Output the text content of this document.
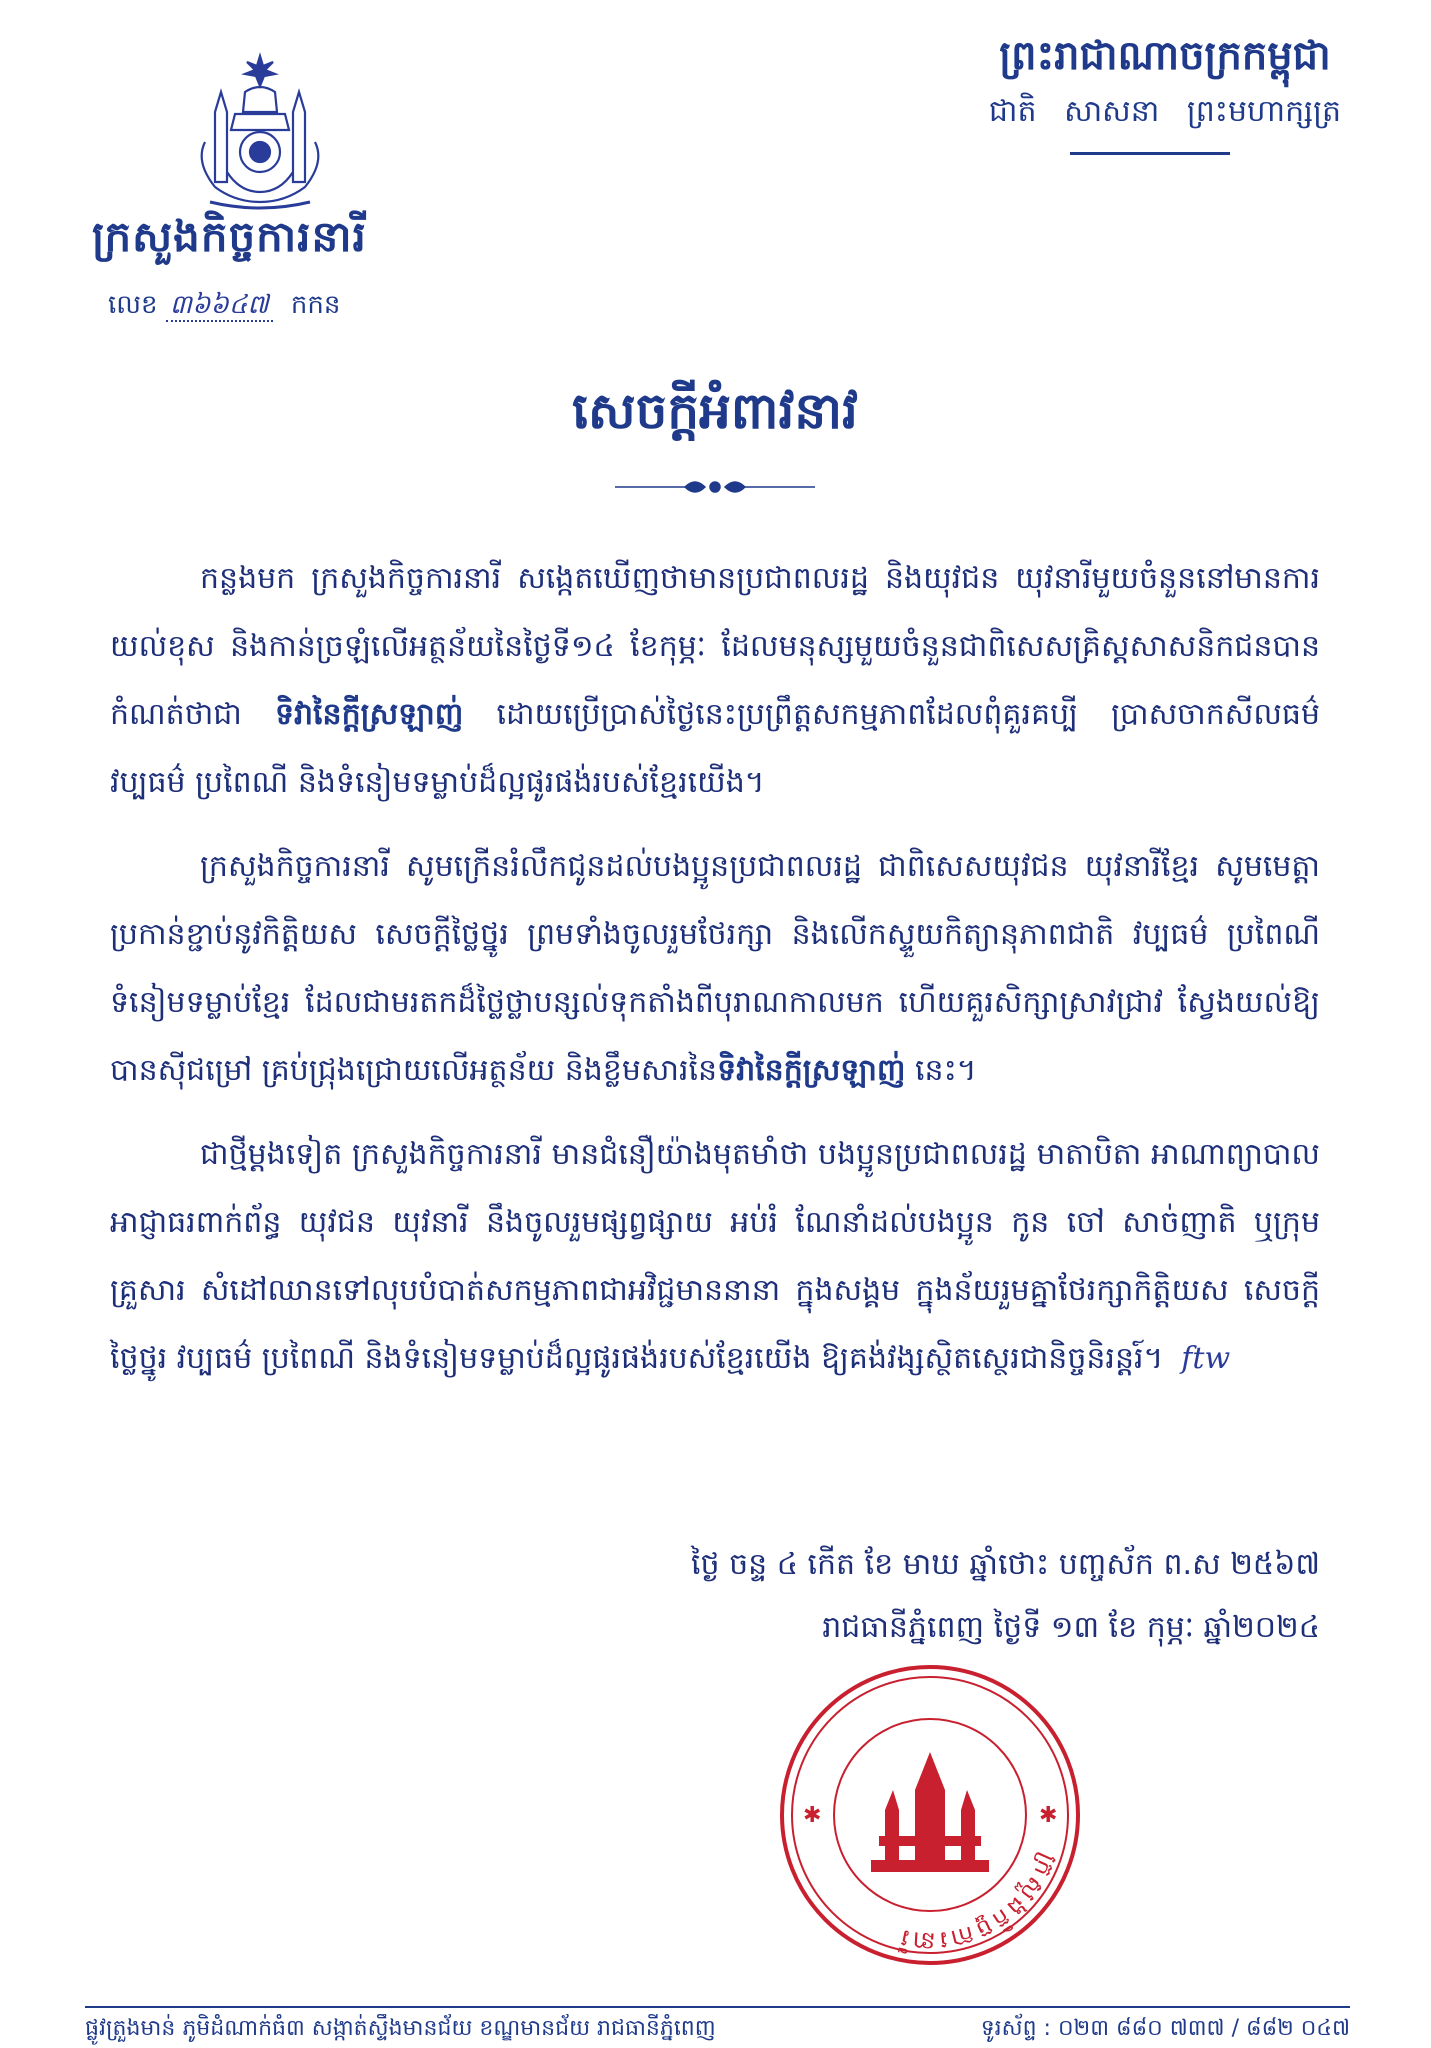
ក្រសួងកិច្ចការនារី
លេខ ៣៦៦៤៧ កកន
ព្រះរាជាណាចក្រកម្ពុជា
ជាតិ សាសនា ព្រះមហាក្សត្រ
សេចក្តីអំពាវនាវ

កន្លងមក ក្រសួងកិច្ចការនារី សង្កេតឃើញថាមានប្រជាពលរដ្ឋ និងយុវជន យុវនារីមួយចំនួននៅមានការយល់ខុស និងកាន់ច្រឡំលើអត្ថន័យនៃថ្ងៃទី១៤ ខែកុម្ភៈ ដែលមនុស្សមួយចំនួនជាពិសេសគ្រិស្តសាសនិកជនបានកំណត់ថាជា ទិវានៃក្តីស្រឡាញ់ ដោយប្រើប្រាស់ថ្ងៃនេះប្រព្រឹត្តសកម្មភាពដែលពុំគួរគប្បី ប្រាសចាកសីលធម៌ វប្បធម៌ ប្រពៃណី និងទំនៀមទម្លាប់ដ៏ល្អផូរផង់របស់ខ្មែរយើង។

ក្រសួងកិច្ចការនារី សូមក្រើនរំលឹកជូនដល់បងប្អូនប្រជាពលរដ្ឋ ជាពិសេសយុវជន យុវនារីខ្មែរ សូមមេត្តាប្រកាន់ខ្ជាប់នូវកិត្តិយស សេចក្តីថ្លៃថ្នូរ ព្រមទាំងចូលរួមថែរក្សា និងលើកស្ទួយកិត្យានុភាពជាតិ វប្បធម៌ ប្រពៃណី ទំនៀមទម្លាប់ខ្មែរ ដែលជាមរតកដ៏ថ្លៃថ្លាបន្សល់ទុកតាំងពីបុរាណកាលមក ហើយគួរសិក្សាស្រាវជ្រាវ ស្វែងយល់ឱ្យបានស៊ីជម្រៅ គ្រប់ជ្រុងជ្រោយលើអត្ថន័យ និងខ្លឹមសារនៃទិវានៃក្តីស្រឡាញ់ នេះ។

ជាថ្មីម្តងទៀត ក្រសួងកិច្ចការនារី មានជំនឿយ៉ាងមុតមាំថា បងប្អូនប្រជាពលរដ្ឋ មាតាបិតា អាណាព្យាបាល អាជ្ញាធរពាក់ព័ន្ធ យុវជន យុវនារី នឹងចូលរួមផ្សព្វផ្សាយ អប់រំ ណែនាំដល់បងប្អូន កូន ចៅ សាច់ញាតិ ឬក្រុមគ្រួសារ សំដៅឈានទៅលុបបំបាត់សកម្មភាពជាអវិជ្ជមាននានា ក្នុងសង្គម ក្នុងន័យរួមគ្នាថែរក្សាកិត្តិយស សេចក្តីថ្លៃថ្នូរ វប្បធម៌ ប្រពៃណី និងទំនៀមទម្លាប់ដ៏ល្អផូរផង់របស់ខ្មែរយើង ឱ្យគង់វង្សស្ថិតស្ថេរជានិច្ចនិរន្តរ៍។ ftw

ថ្ងៃ ចន្ទ ៤ កើត ខែ មាឃ ឆ្នាំថោះ បញ្ចស័ក ព.ស ២៥៦៧
រាជធានីភ្នំពេញ ថ្ងៃទី ១៣ ខែ កុម្ភៈ ឆ្នាំ២០២៤
ក្រសួងកិច្ចការនារី
✱	✱
ផ្លូវត្រួងមាន់ ភូមិដំណាក់ធំ៣ សង្កាត់ស្ទឹងមានជ័យ ខណ្ឌមានជ័យ រាជធានីភ្នំពេញ	ទូរស័ព្ទ : ០២៣ ៨៨០ ៧៣៧ / ៨៨២ ០៤៧
